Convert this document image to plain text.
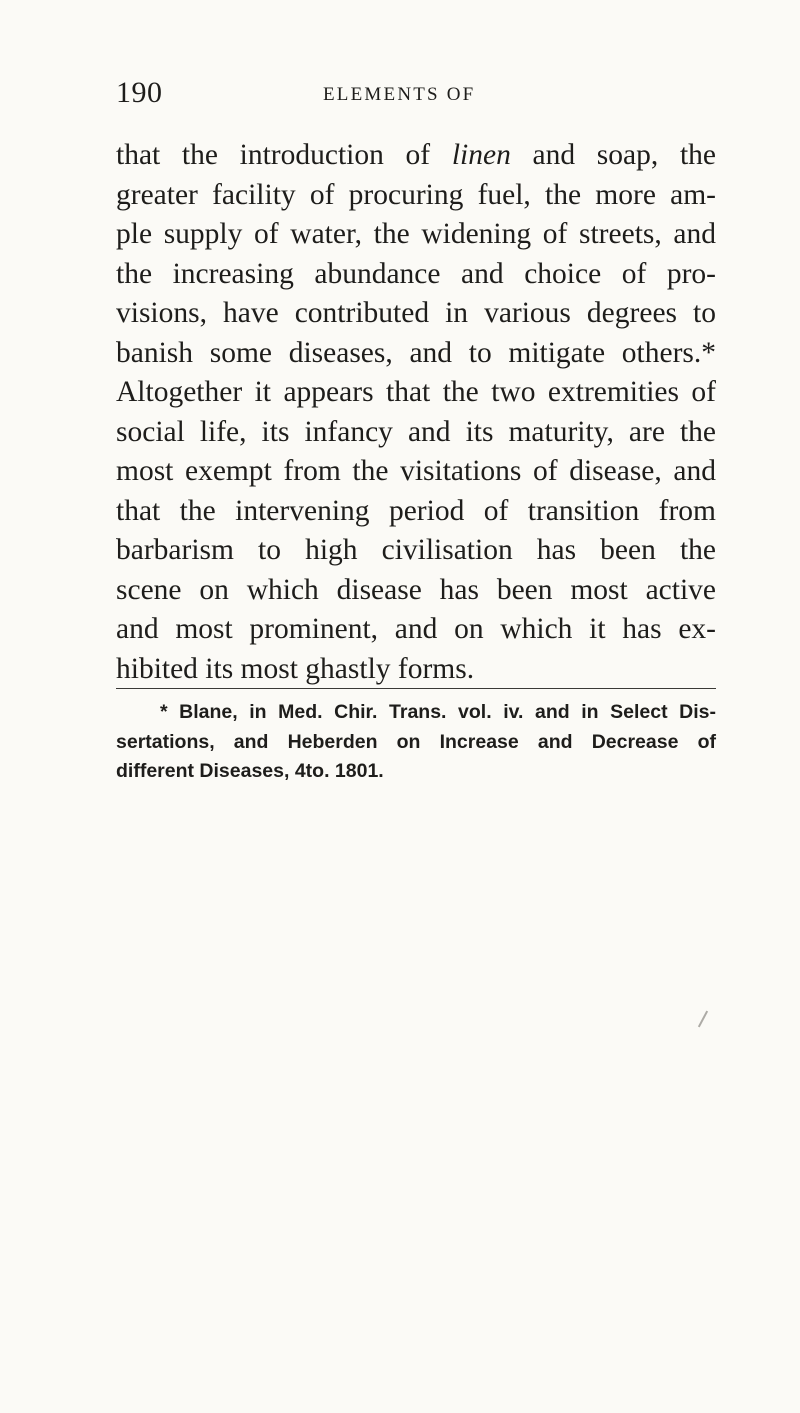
190	ELEMENTS OF
that the introduction of linen and soap, the
greater facility of procuring fuel, the more am-
ple supply of water, the widening of streets, and
the increasing abundance and choice of pro-
visions, have contributed in various degrees to
banish some diseases, and to mitigate others.*
Altogether it appears that the two extremities of
social life, its infancy and its maturity, are the
most exempt from the visitations of disease, and
that the intervening period of transition from
barbarism to high civilisation has been the
scene on which disease has been most active
and most prominent, and on which it has ex-
hibited its most ghastly forms.
* Blane, in Med. Chir. Trans. vol. iv. and in Select Dis-
sertations, and Heberden on Increase and Decrease of
different Diseases, 4to. 1801.
